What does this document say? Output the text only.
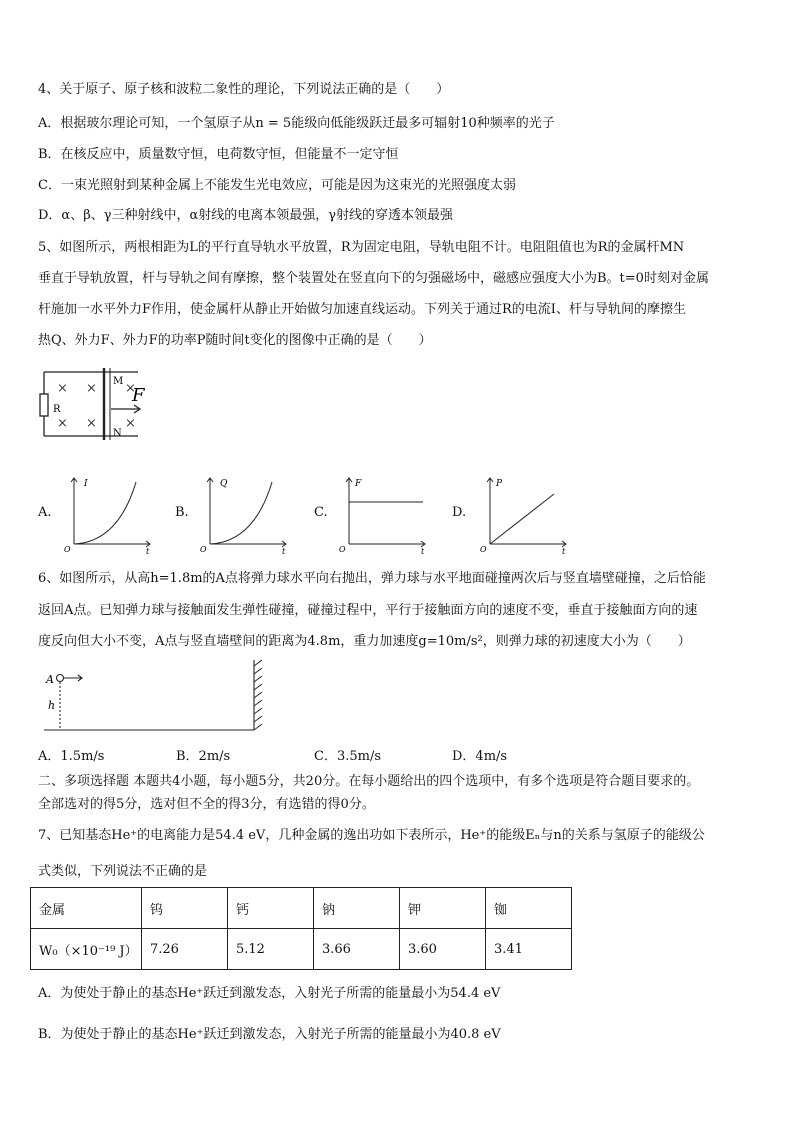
4、关于原子、原子核和波粒二象性的理论，下列说法正确的是（　　）
A．根据玻尔理论可知，一个氢原子从n = 5能级向低能级跃迁最多可辐射10种频率的光子
B．在核反应中，质量数守恒，电荷数守恒，但能量不一定守恒
C．一束光照射到某种金属上不能发生光电效应，可能是因为这束光的光照强度太弱
D．α、β、γ三种射线中，α射线的电离本领最强，γ射线的穿透本领最强
5、如图所示，两根相距为L的平行直导轨水平放置，R为固定电阻，导轨电阻不计。电阻阻值也为R的金属杆MN
垂直于导轨放置，杆与导轨之间有摩擦，整个装置处在竖直向下的匀强磁场中，磁感应强度大小为B。t=0时刻对金属
杆施加一水平外力F作用，使金属杆从静止开始做匀加速直线运动。下列关于通过R的电流I、杆与导轨间的摩擦生
热Q、外力F、外力F的功率P随时间t变化的图像中正确的是（　　）
R
M
N
F
× ×
× ×
×
×
A.
I
t
O
B.
Q
t
O
C.
F
t
O
D.
P
t
O
6、如图所示，从高h=1.8m的A点将弹力球水平向右抛出，弹力球与水平地面碰撞两次后与竖直墙壁碰撞，之后恰能
返回A点。已知弹力球与接触面发生弹性碰撞，碰撞过程中，平行于接触面方向的速度不变，垂直于接触面方向的速
度反向但大小不变，A点与竖直墙壁间的距离为4.8m，重力加速度g=10m/s²，则弹力球的初速度大小为（　　）
A
h
A．1.5m/s	B．2m/s	C．3.5m/s	D．4m/s
二、多项选择题 本题共4小题，每小题5分，共20分。在每小题给出的四个选项中，有多个选项是符合题目要求的。
全部选对的得5分，选对但不全的得3分，有选错的得0分。
7、已知基态He⁺的电离能力是54.4 eV，几种金属的逸出功如下表所示，He⁺的能级Eₙ与n的关系与氢原子的能级公
式类似，下列说法不正确的是
金属	钨	钙	钠	钾	铷
W₀（×10⁻¹⁹ J）	7.26	5.12	3.66	3.60	3.41
A．为使处于静止的基态He⁺跃迁到激发态，入射光子所需的能量最小为54.4 eV
B．为使处于静止的基态He⁺跃迁到激发态，入射光子所需的能量最小为40.8 eV
